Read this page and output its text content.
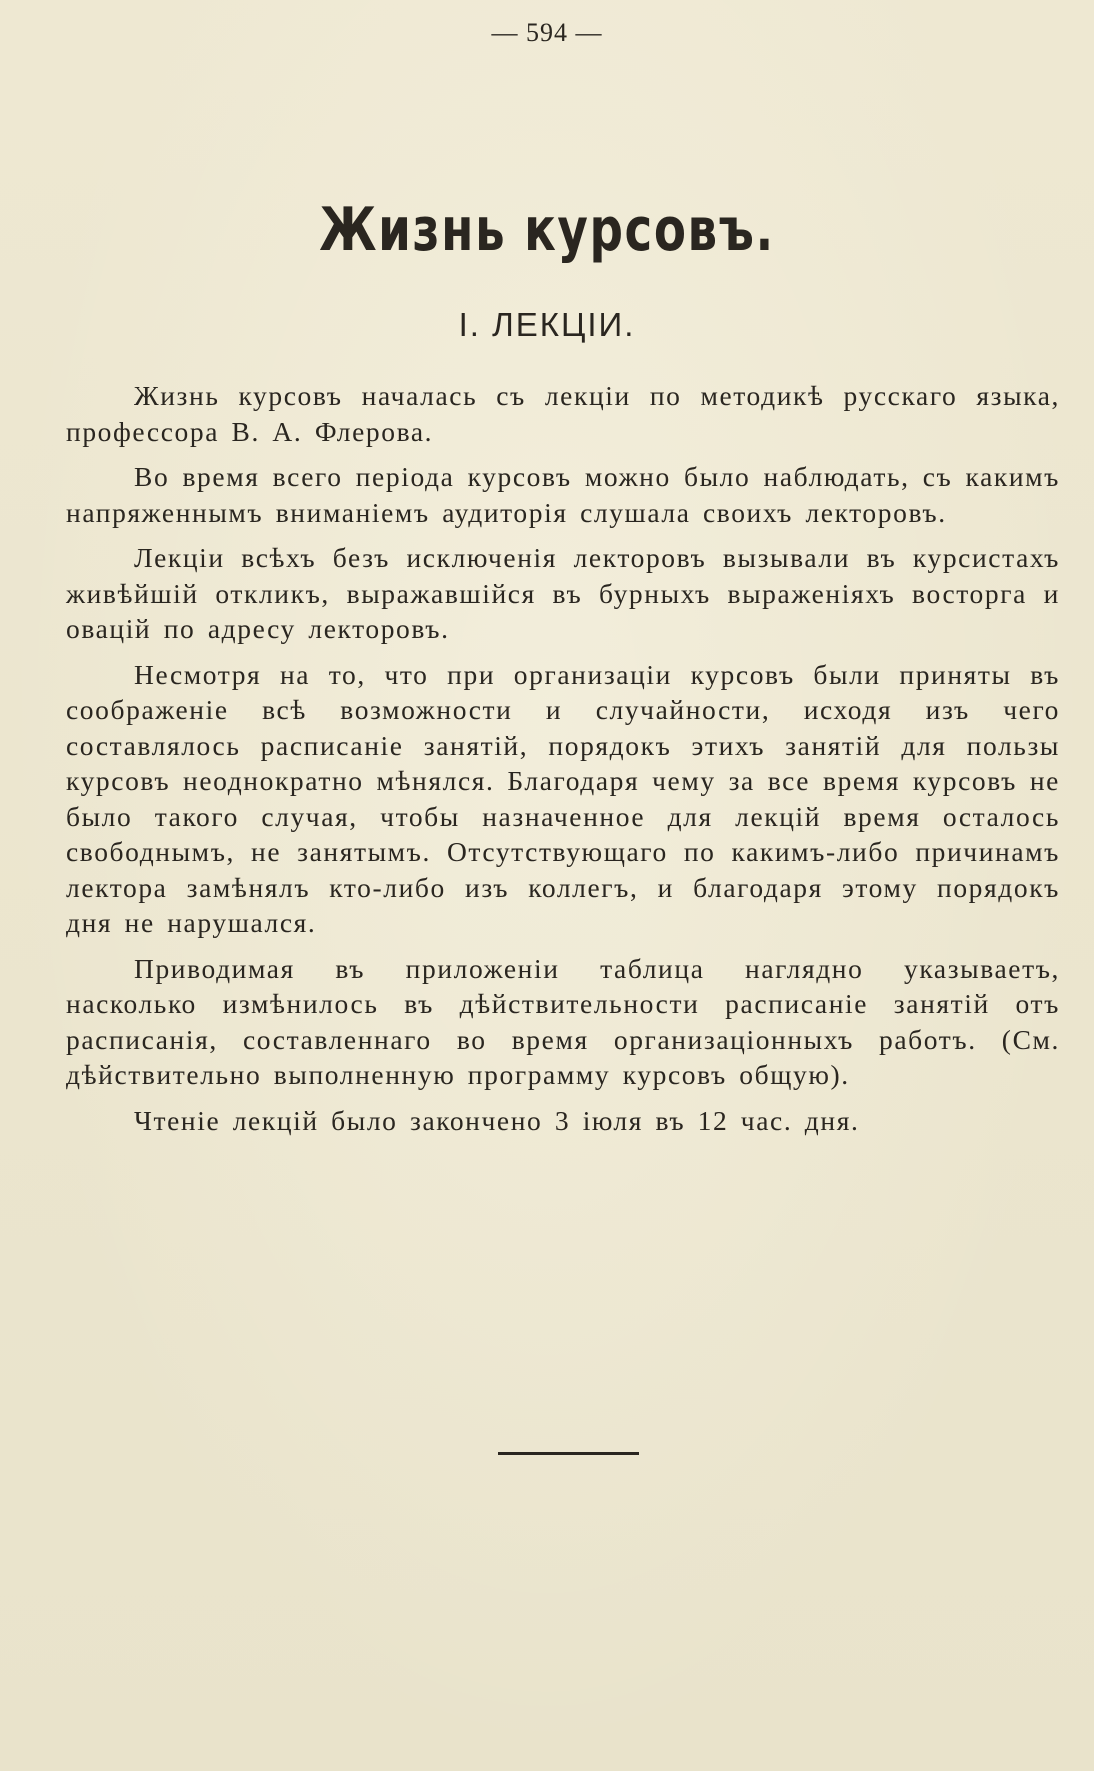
— 594 —
Жизнь курсовъ.
I. ЛЕКЦIИ.

Жизнь курсовъ началась съ лекцiи по методикѣ русскаго языка, профессора В. А. Флерова.

Во время всего перiода курсовъ можно было наблюдать, съ какимъ напряженнымъ вниманiемъ аудиторiя слушала своихъ лекторовъ.

Лекцiи всѣхъ безъ исключенiя лекторовъ вызывали въ курсистахъ живѣйшiй откликъ, выражавшiйся въ бурныхъ выраженiяхъ восторга и овацiй по адресу лекторовъ.

Несмотря на то, что при организацiи курсовъ были приняты въ соображенiе всѣ возможности и случайности, исходя изъ чего составлялось расписанiе занятiй, порядокъ этихъ занятiй для пользы курсовъ неоднократно мѣнялся. Благодаря чему за все время курсовъ не было такого случая, чтобы назначенное для лекцiй время осталось свободнымъ, не занятымъ. Отсутствующаго по какимъ-либо причинамъ лектора замѣнялъ кто-либо изъ коллегъ, и благодаря этому порядокъ дня не нарушался.

Приводимая въ приложенiи таблица наглядно указываетъ, насколько измѣнилось въ дѣйствительности расписанiе занятiй отъ расписанiя, составленнаго во время организацiонныхъ работъ. (См. дѣйствительно выполненную программу курсовъ общую).

Чтенiе лекцiй было закончено 3 iюля въ 12 час. дня.
